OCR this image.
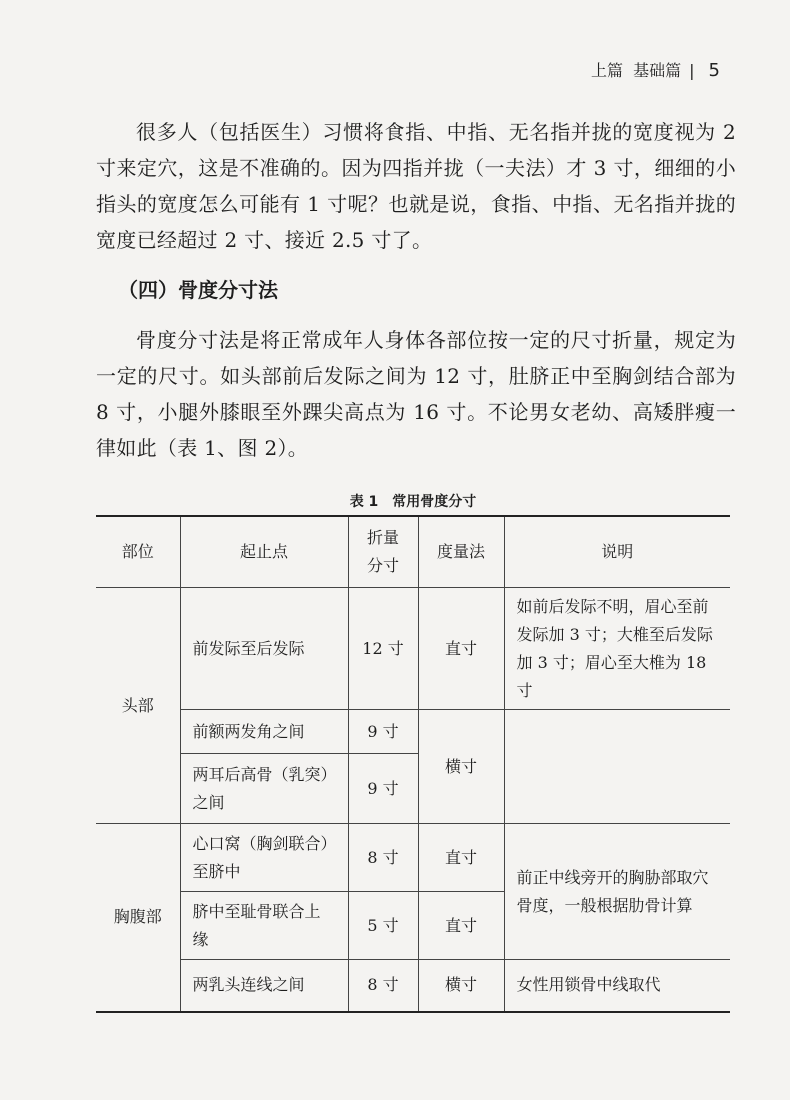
上篇
基础篇 | 5

很多人（包括医生）习惯将食指、中指、无名指并拢的宽度视为 2 寸来定穴，这是不准确的。因为四指并拢（一夫法）才 3 寸，细细的小指头的宽度怎么可能有 1 寸呢？也就是说，食指、中指、无名指并拢的宽度已经超过 2 寸、接近 2.5 寸了。

（四）骨度分寸法

骨度分寸法是将正常成年人身体各部位按一定的尺寸折量，规定为一定的尺寸。如头部前后发际之间为 12 寸，肚脐正中至胸剑结合部为 8 寸，小腿外膝眼至外踝尖高点为 16 寸。不论男女老幼、高矮胖瘦一律如此（表 1、图 2）。

表 1　常用骨度分寸
部位	起止点	折量分寸	度量法	说明
头部	前发际至后发际	12 寸	直寸	如前后发际不明，眉心至前发际加 3 寸；大椎至后发际加 3 寸；眉心至大椎为 18 寸
	前额两发角之间	9 寸	横寸	
	两耳后高骨（乳突）之间	9 寸		
胸腹部	心口窝（胸剑联合）至脐中	8 寸	直寸	前正中线旁开的胸胁部取穴骨度，一般根据肋骨计算
	脐中至耻骨联合上缘	5 寸	直寸	
	两乳头连线之间	8 寸	横寸	女性用锁骨中线取代
